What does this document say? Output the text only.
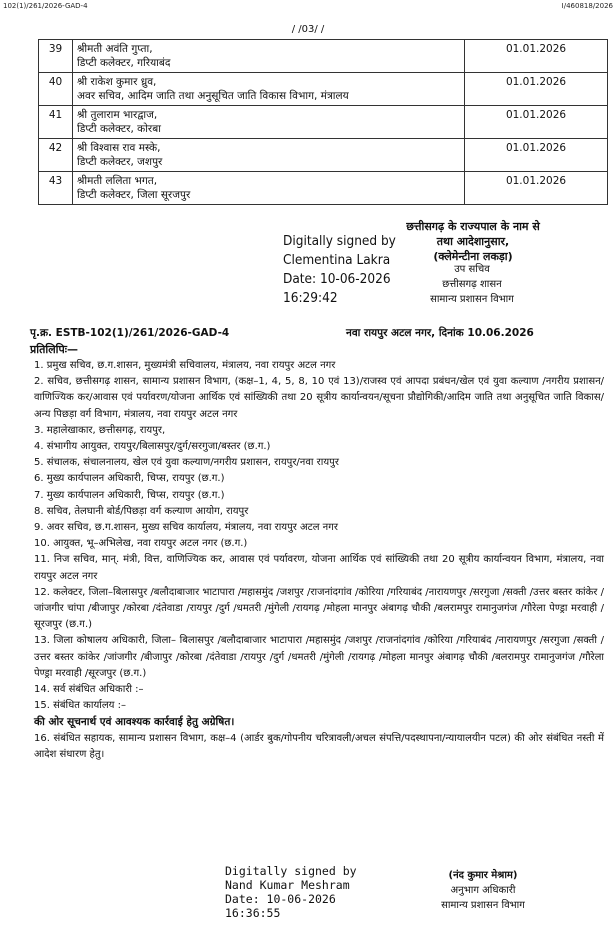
102(1)/261/2026-GAD-4	I/460818/2026
/ /03/ /
39	श्रीमती अवंति गुप्ता,
डिप्टी कलेक्टर, गरियाबंद	01.01.2026
40	श्री राकेश कुमार ध्रुव,
अवर सचिव, आदिम जाति तथा अनुसूचित जाति विकास विभाग, मंत्रालय	01.01.2026
41	श्री तुलाराम भारद्वाज,
डिप्टी कलेक्टर, कोरबा	01.01.2026
42	श्री विश्वास राव मस्के,
डिप्टी कलेक्टर, जशपुर	01.01.2026
43	श्रीमती ललिता भगत,
डिप्टी कलेक्टर, जिला सूरजपुर	01.01.2026
Digitally signed by
Clementina Lakra
Date: 10-06-2026
16:29:42
छत्तीसगढ़ के राज्यपाल के नाम से
तथा आदेशानुसार,
(क्लेमेन्टीना लकड़ा)
उप सचिव
छत्तीसगढ़ शासन
सामान्य प्रशासन विभाग
पृ.क्र. ESTB-102(1)/261/2026-GAD-4	नवा रायपुर अटल नगर, दिनांक 10.06.2026
प्रतिलिपिः—

1. प्रमुख सचिव, छ.ग.शासन, मुख्यमंत्री सचिवालय, मंत्रालय, नवा रायपुर अटल नगर

2. सचिव, छत्तीसगढ़ शासन, सामान्य प्रशासन विभाग, (कक्ष–1, 4, 5, 8, 10 एवं 13)/राजस्व एवं आपदा प्रबंधन/खेल एवं युवा कल्याण /नगरीय प्रशासन/वाणिज्यिक कर/आवास एवं पर्यावरण/योजना आर्थिक एवं सांख्यिकी तथा 20 सूत्रीय कार्यान्वयन/सूचना प्रौद्योगिकी/आदिम जाति तथा अनुसूचित जाति विकास/अन्य पिछड़ा वर्ग विभाग, मंत्रालय, नवा रायपुर अटल नगर

3. महालेखाकार, छत्तीसगढ़, रायपुर,

4. संभागीय आयुक्त, रायपुर/बिलासपुर/दुर्ग/सरगुजा/बस्तर (छ.ग.)

5. संचालक, संचालनालय, खेल एवं युवा कल्याण/नगरीय प्रशासन, रायपुर/नवा रायपुर

6. मुख्य कार्यपालन अधिकारी, चिप्स, रायपुर (छ.ग.)

7. मुख्य कार्यपालन अधिकारी, चिप्स, रायपुर (छ.ग.)

8. सचिव, तेलघानी बोर्ड/पिछड़ा वर्ग कल्याण आयोग, रायपुर

9. अवर सचिव, छ.ग.शासन, मुख्य सचिव कार्यालय, मंत्रालय, नवा रायपुर अटल नगर

10. आयुक्त, भू–अभिलेख, नवा रायपुर अटल नगर (छ.ग.)

11. निज सचिव, मान्. मंत्री, वित्त, वाणिज्यिक कर, आवास एवं पर्यावरण, योजना आर्थिक एवं सांख्यिकी तथा 20 सूत्रीय कार्यान्वयन विभाग, मंत्रालय, नवा रायपुर अटल नगर

12. कलेक्टर, जिला–बिलासपुर /बलौदाबाजार भाटापारा /महासमुंद /जशपुर /राजनांदगांव /कोरिया /गरियाबंद /नारायणपुर /सरगुजा /सक्ती /उत्तर बस्तर कांकेर /जांजगीर चांपा /बीजापुर /कोरबा /दंतेवाडा /रायपुर /दुर्ग /धमतरी /मुंगेली /रायगढ़ /मोहला मानपुर अंबागढ़ चौकी /बलरामपुर रामानुजगंज /गौरेला पेण्ड्रा मरवाही /सूरजपुर (छ.ग.)

13. जिला कोषालय अधिकारी, जिला– बिलासपुर /बलौदाबाजार भाटापारा /महासमुंद /जशपुर /राजनांदगांव /कोरिया /गरियाबंद /नारायणपुर /सरगुजा /सक्ती /उत्तर बस्तर कांकेर /जांजगीर /बीजापुर /कोरबा /दंतेवाडा /रायपुर /दुर्ग /धमतरी /मुंगेली /रायगढ़ /मोहला मानपुर अंबागढ़ चौकी /बलरामपुर रामानुजगंज /गौरेला पेण्ड्रा मरवाही /सूरजपुर (छ.ग.)

14. सर्व संबंधित अधिकारी :–

15. संबंधित कार्यालय :–

की ओर सूचनार्थ एवं आवश्यक कार्रवाई हेतु अग्रेषित।

16. संबंधित सहायक, सामान्य प्रशासन विभाग, कक्ष–4 (आर्डर बुक/गोपनीय चरित्रावली/अचल संपत्ति/पदस्थापना/न्यायालयीन पटल) की ओर संबंधित नस्ती में आदेश संधारण हेतु।

Digitally signed by
Nand Kumar Meshram
Date: 10-06-2026
16:36:55
(नंद कुमार मेश्राम)
अनुभाग अधिकारी
सामान्य प्रशासन विभाग
